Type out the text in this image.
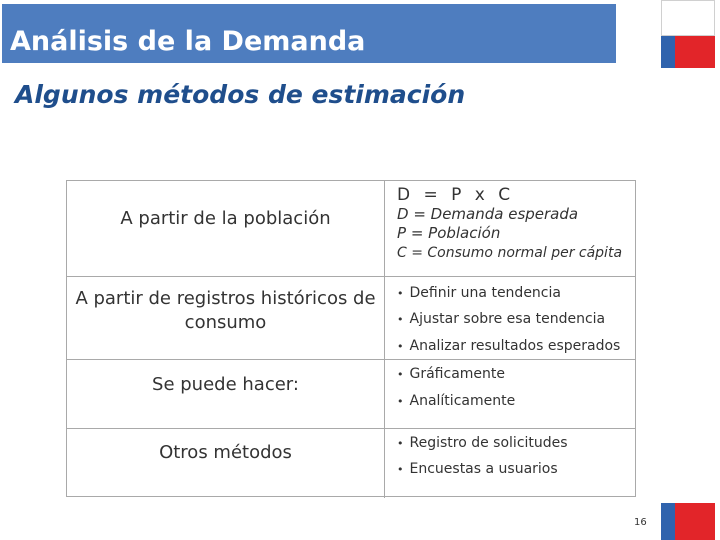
Análisis de la Demanda
Algunos métodos de estimación
A partir de la población
D = P x C
D = Demanda esperada
P = Población
C = Consumo normal per cápita
A partir de registros históricos de consumo
• Definir una tendencia
• Ajustar sobre esa tendencia
• Analizar resultados esperados
Se puede hacer:	• Gráficamente
• Analíticamente
Otros métodos	• Registro de solicitudes
• Encuestas a usuarios
16
